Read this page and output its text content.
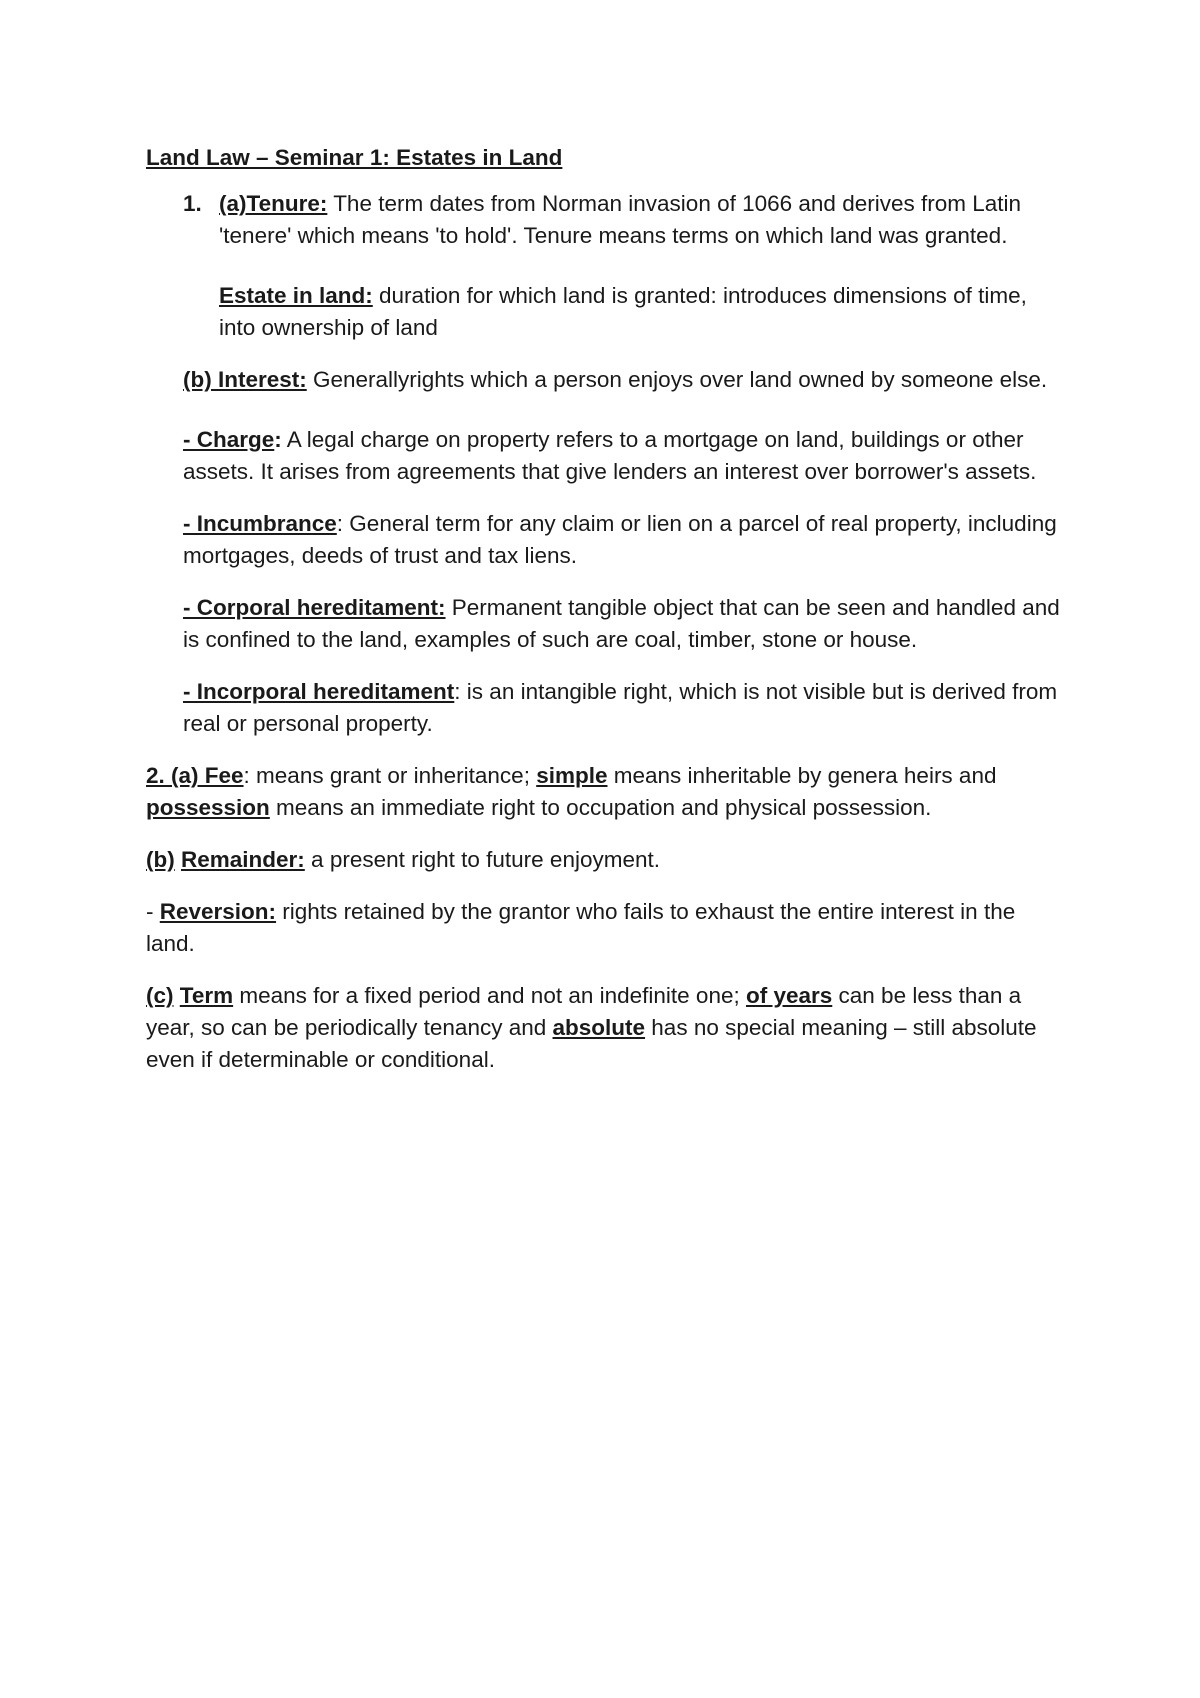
Land Law – Seminar 1: Estates in Land

1. (a)Tenure: The term dates from Norman invasion of 1066 and derives from Latin 'tenere' which means 'to hold'. Tenure means terms on which land was granted.

Estate in land: duration for which land is granted: introduces dimensions of time, into ownership of land

(b) Interest: Generallyrights which a person enjoys over land owned by someone else.

- Charge: A legal charge on property refers to a mortgage on land, buildings or other assets. It arises from agreements that give lenders an interest over borrower's assets.

- Incumbrance: General term for any claim or lien on a parcel of real property, including mortgages, deeds of trust and tax liens.

- Corporal hereditament: Permanent tangible object that can be seen and handled and is confined to the land, examples of such are coal, timber, stone or house.

- Incorporal hereditament: is an intangible right, which is not visible but is derived from real or personal property.

2. (a) Fee: means grant or inheritance; simple means inheritable by genera heirs and possession means an immediate right to occupation and physical possession.

(b) Remainder: a present right to future enjoyment.

- Reversion: rights retained by the grantor who fails to exhaust the entire interest in the land.

(c) Term means for a fixed period and not an indefinite one; of years can be less than a year, so can be periodically tenancy and absolute has no special meaning – still absolute even if determinable or conditional.
